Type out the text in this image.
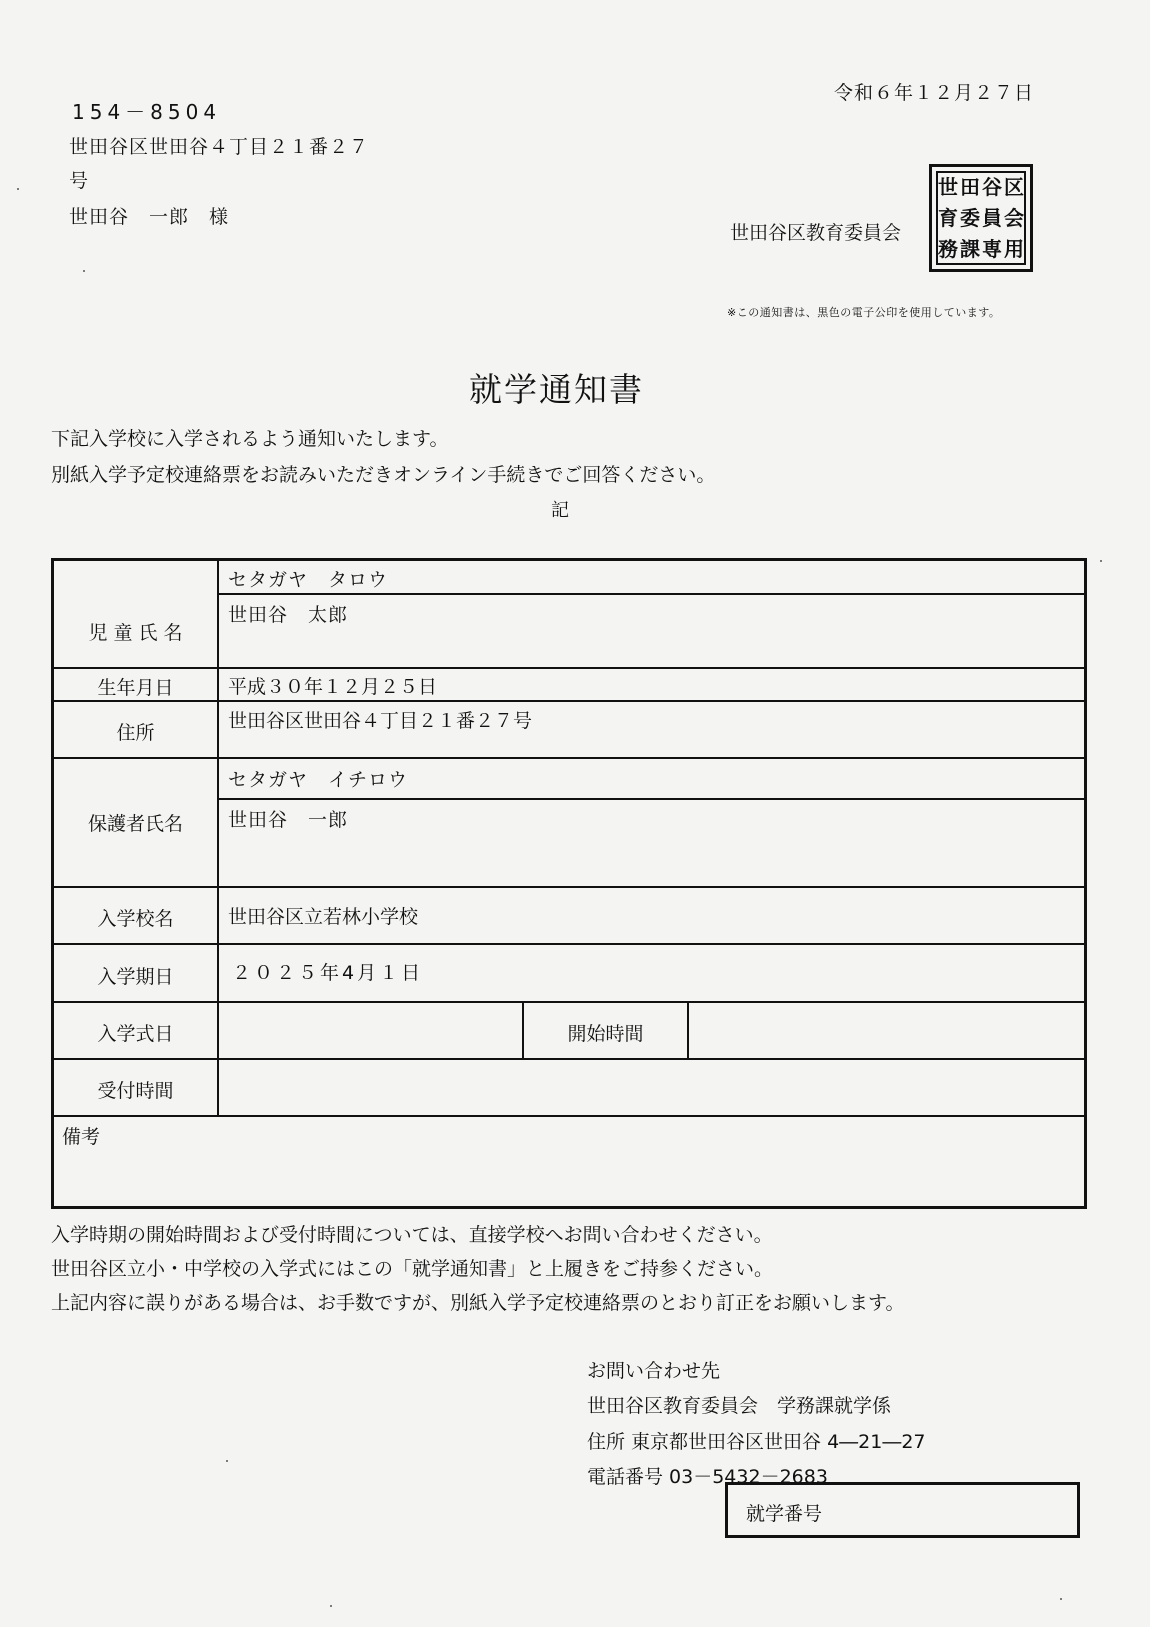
令和６年１２月２７日
154－8504
世田谷区世田谷４丁目２１番２７
号
世田谷　一郎　様
世田谷区教育委員会
区
会
用
谷
員
専
田
委
課
世
育
務
※この通知書は、黒色の電子公印を使用しています。
就学通知書
下記入学校に入学されるよう通知いたします。
別紙入学予定校連絡票をお読みいただきオンライン手続きでご回答ください。
記
児 童 氏 名
生年月日
住所
保護者氏名
入学校名
入学期日
入学式日	開始時間
受付時間
備考
セタガヤ　タロウ
世田谷　太郎
平成３０年１２月２５日
世田谷区世田谷４丁目２１番２７号
セタガヤ　イチロウ
世田谷　一郎
世田谷区立若林小学校
２０２５年4月１日
入学時期の開始時間および受付時間については、直接学校へお問い合わせください。
世田谷区立小・中学校の入学式にはこの「就学通知書」と上履きをご持参ください。
上記内容に誤りがある場合は、お手数ですが、別紙入学予定校連絡票のとおり訂正をお願いします。
お問い合わせ先
世田谷区教育委員会　学務課就学係
住所 東京都世田谷区世田谷 4―21―27
電話番号 03－5432－2683
就学番号
